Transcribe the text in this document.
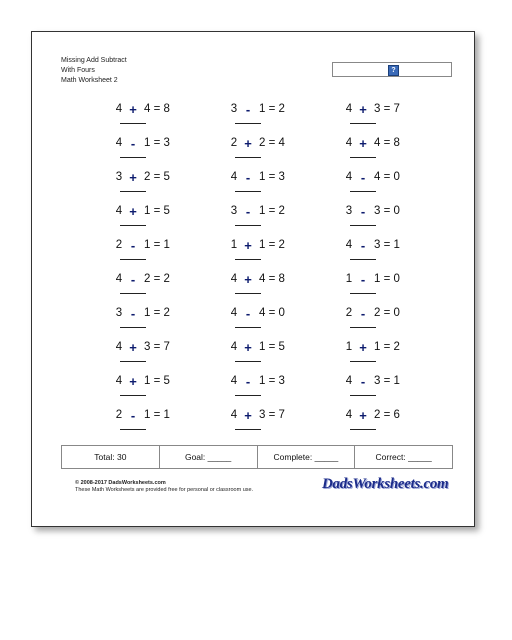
Missing Add Subtract
With Fours
Math Worksheet 2
?
4 + 4 = 8
4 - 1 = 3
3 + 2 = 5
4 + 1 = 5
2 - 1 = 1
4 - 2 = 2
3 - 1 = 2
4 + 3 = 7
4 + 1 = 5
2 - 1 = 1
3 - 1 = 2
2 + 2 = 4
4 - 1 = 3
3 - 1 = 2
1 + 1 = 2
4 + 4 = 8
4 - 4 = 0
4 + 1 = 5
4 - 1 = 3
4 + 3 = 7
4 + 3 = 7
4 + 4 = 8
4 - 4 = 0
3 - 3 = 0
4 - 3 = 1
1 - 1 = 0
2 - 2 = 0
1 + 1 = 2
4 - 3 = 1
4 + 2 = 6
Total: 30	Goal: _____	Complete: _____	Correct: _____
© 2008-2017 DadsWorksheets.com
These Math Worksheets are provided free for personal or classroom use.	DadsWorksheets.com
